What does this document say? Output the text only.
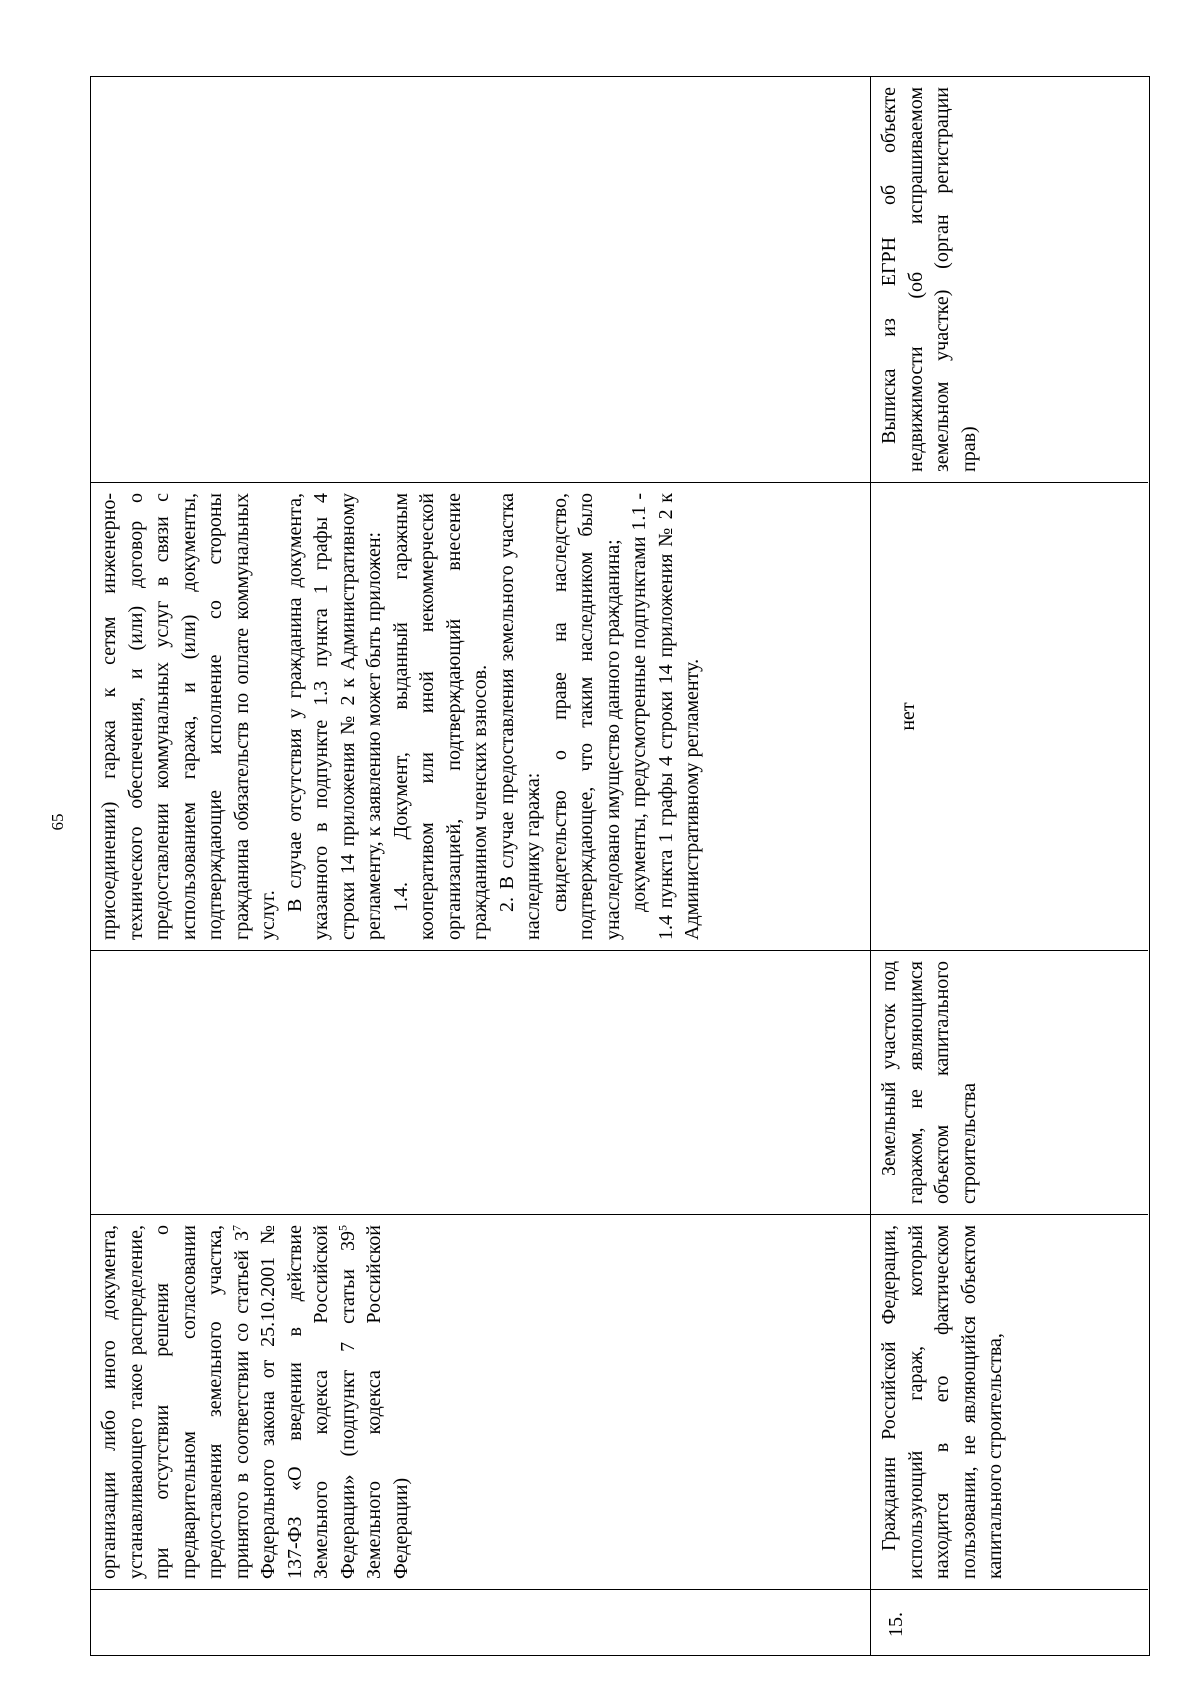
65
организации либо иного документа, устанавливающего такое распределение, при отсутствии решения о предварительном согласовании предоставления земельного участка, принятого в соответствии со статьей $3^7$ Федерального закона от 25.10.2001 № 137-ФЗ «О введении в действие Земельного кодекса Российской Федерации» (подпункт 7 статьи $39^5$ Земельного кодекса Российской Федерации)

присоединении) гаража к сетям инженерно-технического обеспечения, и (или) договор о предоставлении коммунальных услуг в связи с использованием гаража, и (или) документы, подтверждающие исполнение со стороны гражданина обязательств по оплате коммунальных услуг.

В случае отсутствия у гражданина документа, указанного в подпункте 1.3 пункта 1 графы 4 строки 14 приложения № 2 к Административному регламенту, к заявлению может быть приложен: 1.4. Документ, выданный гаражным кооперативом или иной некоммерческой организацией, подтверждающий внесение гражданином членских взносов. 2. В случае предоставления земельного участка наследнику гаража: свидетельство о праве на наследство, подтверждающее, что таким наследником было унаследовано имущество данного гражданина; документы, предусмотренные подпунктами 1.1 - 1.4 пункта 1 графы 4 строки 14 приложения № 2 к Административному регламенту.

15.
Гражданин Российской Федерации, использующий гараж, который находится в его фактическом пользовании, не являющийся объектом капитального строительства,
Земельный участок под гаражом, не являющимся объектом капитального строительства
нет
Выписка из ЕГРН об объекте недвижимости (об испрашиваемом земельном участке) (орган регистрации прав)
